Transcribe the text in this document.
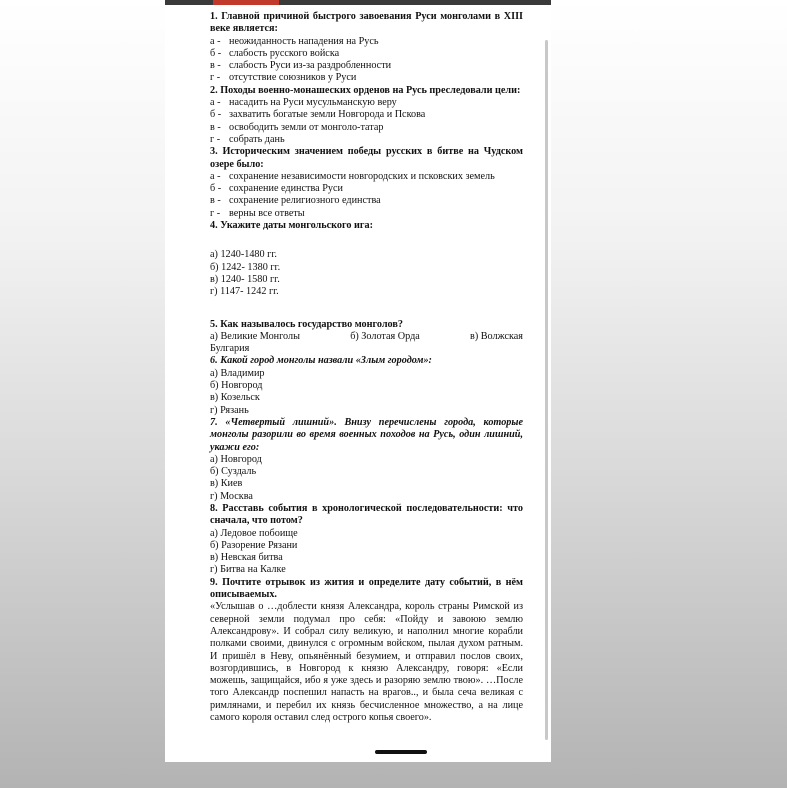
1. Главной причиной быстрого завоевания Руси монголами в XIII веке является:
а - неожиданность нападения на Русь
б - слабость русского войска
в - слабость Руси из-за раздробленности
г - отсутствие союзников у Руси
2. Походы военно-монашеских орденов на Русь преследовали цели:
а - насадить на Руси мусульманскую веру
б - захватить богатые земли Новгорода и Пскова
в - освободить земли от монголо-татар
г - собрать дань
3. Историческим значением победы русских в битве на Чудском озере было:
а - сохранение независимости новгородских и псковских земель
б - сохранение единства Руси
в - сохранение религиозного единства
г - верны все ответы
4. Укажите даты монгольского ига:
а) 1240-1480 гг.
б) 1242- 1380 гг.
в) 1240- 1580 гг.
г) 1147- 1242 гг.
5. Как называлось государство монголов?
а) Великие Монголы	б) Золотая Орда	в) Волжская
Булгария
6. Какой город монголы назвали «Злым городом»:
а) Владимир
б) Новгород
в) Козельск
г) Рязань
7. «Четвертый лишний». Внизу перечислены города, которые монголы разорили во время военных походов на Русь, один лишний, укажи его:
а) Новгород
б) Суздаль
в) Киев
г) Москва
8. Расставь события в хронологической последовательности: что сначала, что потом?
а) Ледовое побоище
б) Разорение Рязани
в) Невская битва
г) Битва на Калке
9. Почтите отрывок из жития и определите дату событий, в нём описываемых.
«Услышав о …доблести князя Александра, король страны Римской из северной земли подумал про себя: «Пойду и завоюю землю Александрову». И собрал силу великую, и наполнил многие корабли полками своими, двинулся с огромным войском, пылая духом ратным. И пришёл в Неву, опьянённый безумием, и отправил послов своих, возгордившись, в Новгород к князю Александру, говоря: «Если можешь, защищайся, ибо я уже здесь и разоряю землю твою». …После того Александр поспешил напасть на врагов.., и была сеча великая с римлянами, и перебил их князь бесчисленное множество, а на лице самого короля оставил след острого копья своего».
